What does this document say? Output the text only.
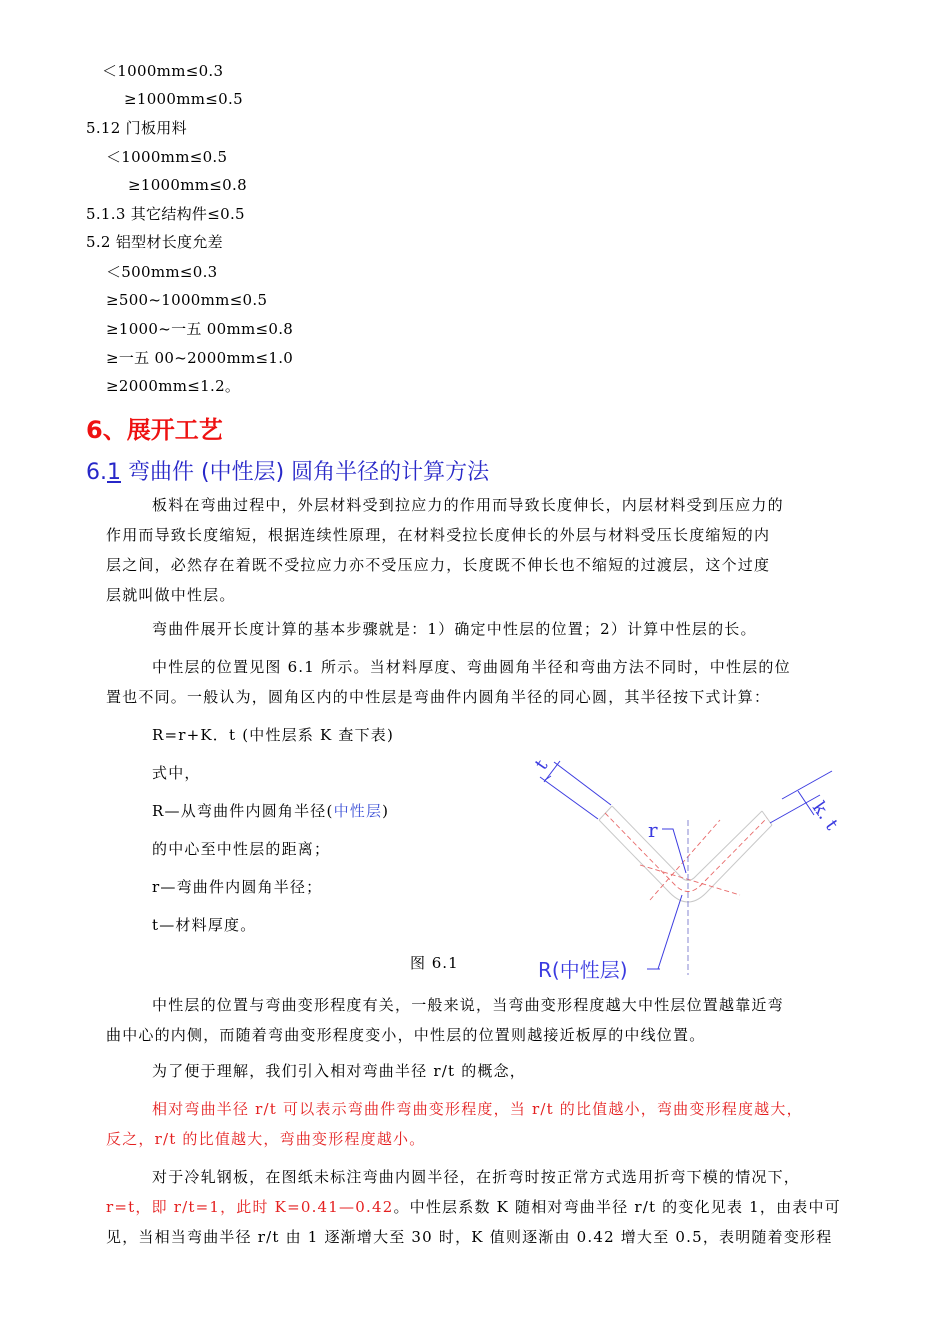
＜1000mm≤0.3
≥1000mm≤0.5
5.12 门板用料
＜1000mm≤0.5
≥1000mm≤0.8
5.1.3 其它结构件≤0.5
5.2 铝型材长度允差
＜500mm≤0.3
≥500~1000mm≤0.5
≥1000~一五 00mm≤0.8
≥一五 00~2000mm≤1.0
≥2000mm≤1.2。
6、展开工艺
6.1 弯曲件 (中性层) 圆角半径的计算方法
板料在弯曲过程中，外层材料受到拉应力的作用而导致长度伸长，内层材料受到压应力的
作用而导致长度缩短，根据连续性原理，在材料受拉长度伸长的外层与材料受压长度缩短的内
层之间，必然存在着既不受拉应力亦不受压应力，长度既不伸长也不缩短的过渡层，这个过度
层就叫做中性层。
弯曲件展开长度计算的基本步骤就是：1）确定中性层的位置；2）计算中性层的长。
中性层的位置见图 6.1 所示。当材料厚度、弯曲圆角半径和弯曲方法不同时，中性层的位
置也不同。一般认为，圆角区内的中性层是弯曲件内圆角半径的同心圆，其半径按下式计算：
R=r+K．t (中性层系 K 查下表)
式中，
R—从弯曲件内圆角半径(中性层)
的中心至中性层的距离；
r—弯曲件内圆角半径；
t—材料厚度。
t
k. t
r
R(中性层)
图 6.1
中性层的位置与弯曲变形程度有关，一般来说，当弯曲变形程度越大中性层位置越靠近弯
曲中心的内侧，而随着弯曲变形程度变小，中性层的位置则越接近板厚的中线位置。
为了便于理解，我们引入相对弯曲半径 r/t 的概念，
相对弯曲半径 r/t 可以表示弯曲件弯曲变形程度，当 r/t 的比值越小，弯曲变形程度越大，
反之，r/t 的比值越大，弯曲变形程度越小。
对于冷轧钢板，在图纸未标注弯曲内圆半径，在折弯时按正常方式选用折弯下模的情况下，
r=t，即 r/t=1，此时 K=0.41—0.42。中性层系数 K 随相对弯曲半径 r/t 的变化见表 1，由表中可
见，当相当弯曲半径 r/t 由 1 逐渐增大至 30 时，K 值则逐渐由 0.42 增大至 0.5，表明随着变形程
